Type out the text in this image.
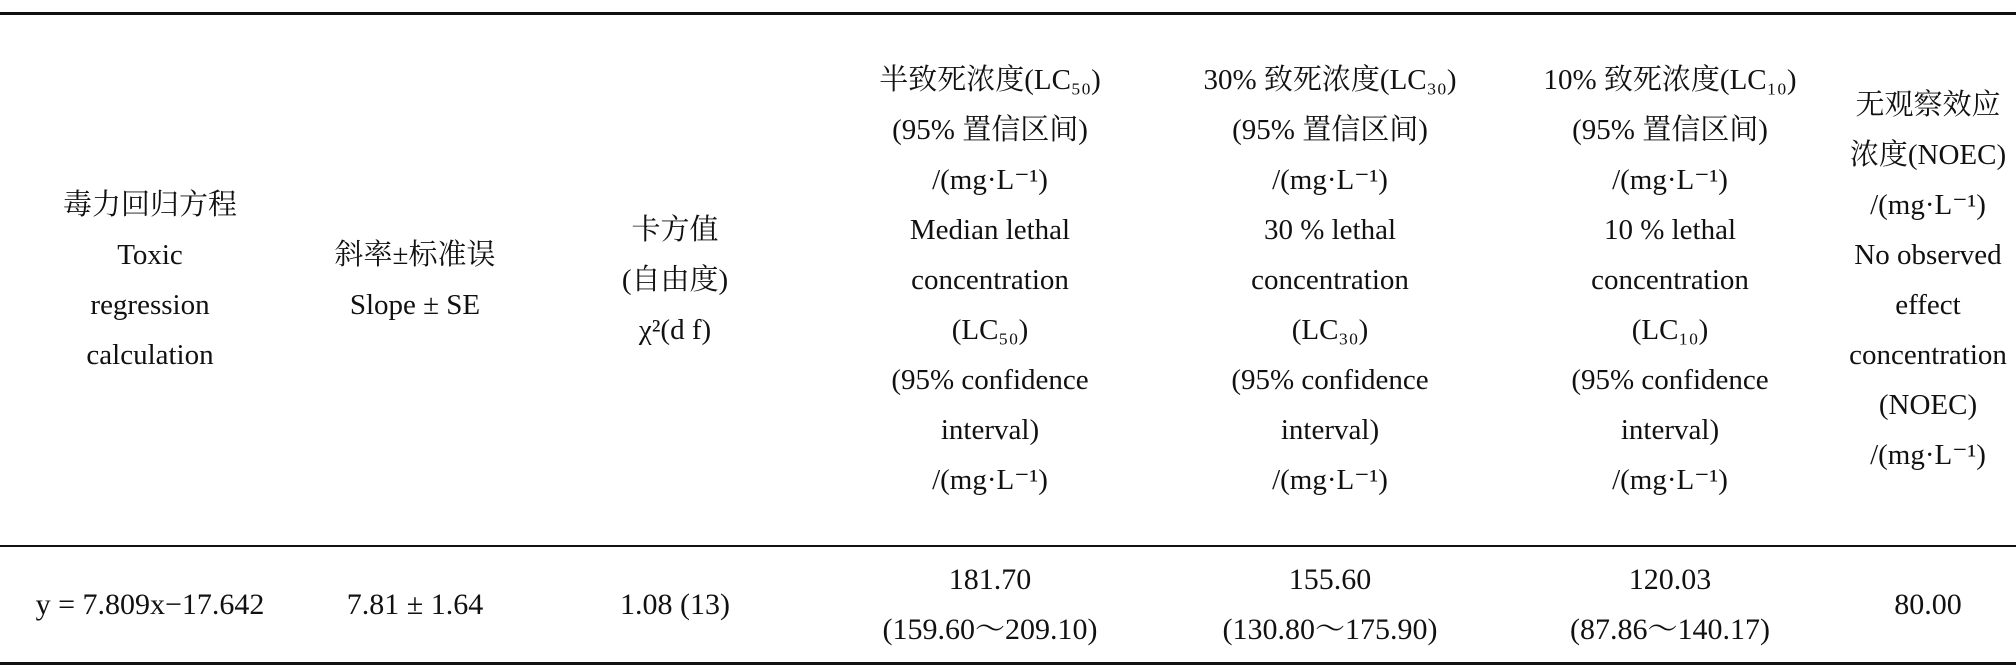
毒力回归方程
Toxic
regression
calculation
斜率±标准误
Slope ± SE
卡方值
(自由度)
χ²(d f)
半致死浓度(LC₅₀)
(95% 置信区间)
/(mg·L⁻¹)
Median lethal
concentration
(LC₅₀)
(95% confidence
interval)
/(mg·L⁻¹)
30% 致死浓度(LC₃₀)
(95% 置信区间)
/(mg·L⁻¹)
30 % lethal
concentration
(LC₃₀)
(95% confidence
interval)
/(mg·L⁻¹)
10% 致死浓度(LC₁₀)
(95% 置信区间)
/(mg·L⁻¹)
10 % lethal
concentration
(LC₁₀)
(95% confidence
interval)
/(mg·L⁻¹)
无观察效应
浓度(NOEC)
/(mg·L⁻¹)
No observed
effect
concentration
(NOEC)
/(mg·L⁻¹)
y = 7.809x−17.642	7.81 ± 1.64	1.08 (13)
181.70
(159.60～209.10)
155.60
(130.80～175.90)
120.03
(87.86～140.17)
80.00
